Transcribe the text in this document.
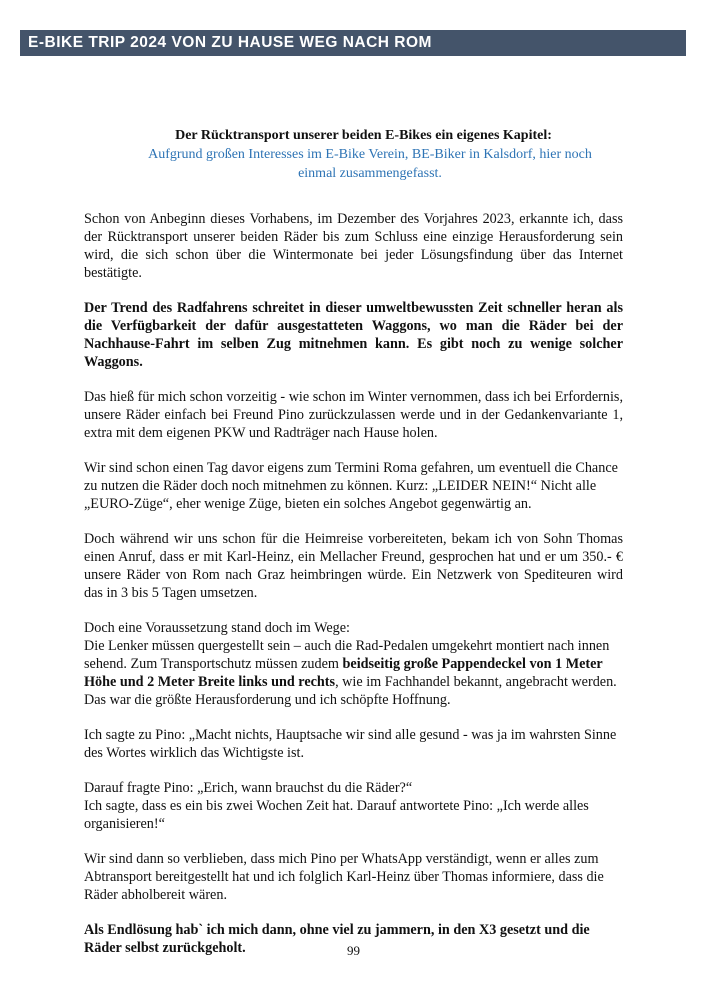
E-BIKE TRIP 2024 VON ZU HAUSE WEG NACH ROM
Der Rücktransport unserer beiden E-Bikes ein eigenes Kapitel:
Aufgrund großen Interesses im E-Bike Verein, BE-Biker in Kalsdorf, hier noch einmal zusammengefasst.

Schon von Anbeginn dieses Vorhabens, im Dezember des Vorjahres 2023, erkannte ich, dass der Rücktransport unserer beiden Räder bis zum Schluss eine einzige Herausforderung sein wird, die sich schon über die Wintermonate bei jeder Lösungsfindung über das Internet bestätigte.

Der Trend des Radfahrens schreitet in dieser umweltbewussten Zeit schneller heran als die Verfügbarkeit der dafür ausgestatteten Waggons, wo man die Räder bei der Nachhause-Fahrt im selben Zug mitnehmen kann. Es gibt noch zu wenige solcher Waggons.

Das hieß für mich schon vorzeitig - wie schon im Winter vernommen, dass ich bei Erfordernis, unsere Räder einfach bei Freund Pino zurückzulassen werde und in der Gedankenvariante 1, extra mit dem eigenen PKW und Radträger nach Hause holen.

Wir sind schon einen Tag davor eigens zum Termini Roma gefahren, um eventuell die Chance zu nutzen die Räder doch noch mitnehmen zu können. Kurz: „LEIDER NEIN!“ Nicht alle „EURO-Züge“, eher wenige Züge, bieten ein solches Angebot gegenwärtig an.

Doch während wir uns schon für die Heimreise vorbereiteten, bekam ich von Sohn Thomas einen Anruf, dass er mit Karl-Heinz, ein Mellacher Freund, gesprochen hat und er um 350.- € unsere Räder von Rom nach Graz heimbringen würde. Ein Netzwerk von Spediteuren wird das in 3 bis 5 Tagen umsetzen.

Doch eine Voraussetzung stand doch im Wege:
Die Lenker müssen quergestellt sein – auch die Rad-Pedalen umgekehrt montiert nach innen sehend. Zum Transportschutz müssen zudem beidseitig große Pappendeckel von 1 Meter Höhe und 2 Meter Breite links und rechts, wie im Fachhandel bekannt, angebracht werden.
Das war die größte Herausforderung und ich schöpfte Hoffnung.

Ich sagte zu Pino: „Macht nichts, Hauptsache wir sind alle gesund - was ja im wahrsten Sinne des Wortes wirklich das Wichtigste ist.

Darauf fragte Pino: „Erich, wann brauchst du die Räder?“
Ich sagte, dass es ein bis zwei Wochen Zeit hat. Darauf antwortete Pino: „Ich werde alles organisieren!“

Wir sind dann so verblieben, dass mich Pino per WhatsApp verständigt, wenn er alles zum Abtransport bereitgestellt hat und ich folglich Karl-Heinz über Thomas informiere, dass die Räder abholbereit wären.

Als Endlösung hab` ich mich dann, ohne viel zu jammern, in den X3 gesetzt und die Räder selbst zurückgeholt.	99
